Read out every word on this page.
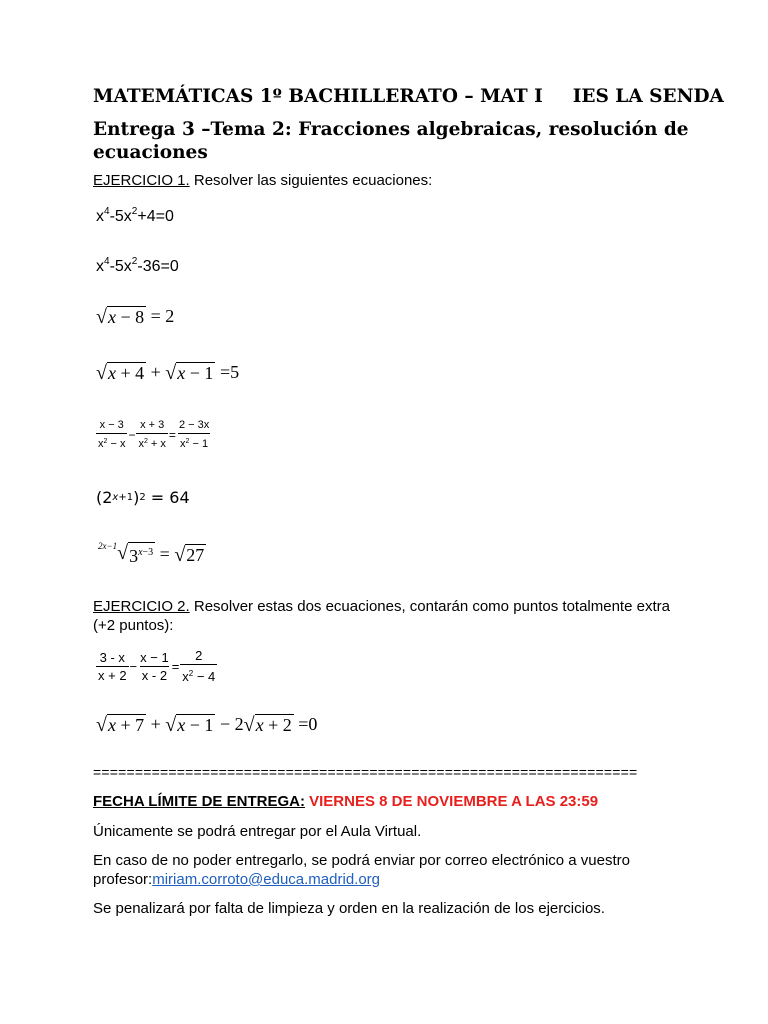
MATEMÁTICAS 1º BACHILLERATO – MAT I IES LA SENDA
Entrega 3 –Tema 2: Fracciones algebraicas, resolución de ecuaciones
EJERCICIO 1. Resolver las siguientes ecuaciones:
$x^4-5x^2+4=0$
$x^4-5x^2-36=0$
√ x − 8 = 2
√ x + 4 + √ x − 1 =5
$\frac{x - 3}{x^2 - x} - \frac{x + 3}{x^2 + x} = \frac{2 - 3x}{x^2 - 1}$
(2 x+1 ) 2 = 64
2x−1 √ $3^{x-3}$ = √ 27
EJERCICIO 2. Resolver estas dos ecuaciones, contarán como puntos totalmente extra (+2 puntos):
$\frac{3 - x}{x + 2} - \frac{x - 1}{x - 2} = \frac{2}{x^2 - 4}$
√ x + 7 + √ x − 1 − 2 √ x + 2 =0
=================================================================
FECHA LÍMITE DE ENTREGA: VIERNES 8 DE NOVIEMBRE A LAS 23:59
Únicamente se podrá entregar por el Aula Virtual.
En caso de no poder entregarlo, se podrá enviar por correo electrónico a vuestro profesor:miriam.corroto@educa.madrid.org
Se penalizará por falta de limpieza y orden en la realización de los ejercicios.
